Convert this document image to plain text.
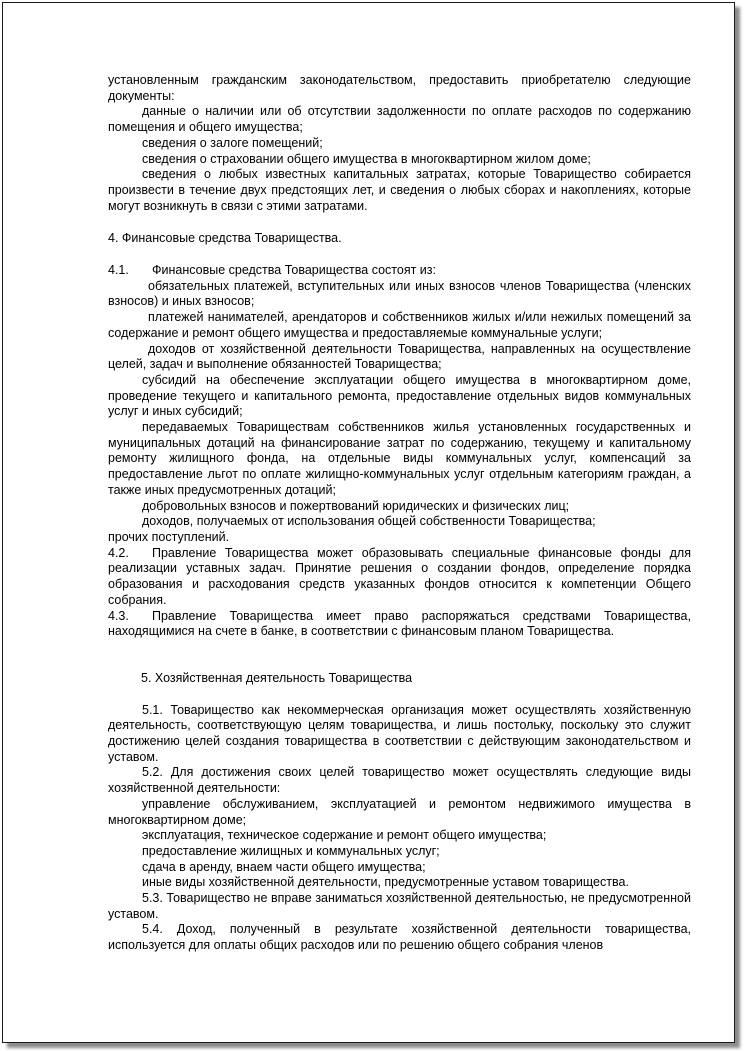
установленным гражданским законодательством, предоставить приобретателю следующие документы:

данные о наличии или об отсутствии задолженности по оплате расходов по содержанию помещения и общего имущества;

сведения о залоге помещений;

сведения о страховании общего имущества в многоквартирном жилом доме;

сведения о любых известных капитальных затратах, которые Товарищество собирается произвести в течение двух предстоящих лет, и сведения о любых сборах и накоплениях, которые могут возникнуть в связи с этими затратами.

4. Финансовые средства Товарищества.

4.1.	Финансовые средства Товарищества состоят из:

обязательных платежей, вступительных или иных взносов членов Товарищества (членских взносов) и иных взносов;

платежей нанимателей, арендаторов и собственников жилых и/или нежилых помещений за содержание и ремонт общего имущества и предоставляемые коммунальные услуги;

доходов от хозяйственной деятельности Товарищества, направленных на осуществление целей, задач и выполнение обязанностей Товарищества;

субсидий на обеспечение эксплуатации общего имущества в многоквартирном доме, проведение текущего и капитального ремонта, предоставление отдельных видов коммунальных услуг и иных субсидий;

передаваемых Товариществам собственников жилья установленных государственных и муниципальных дотаций на финансирование затрат по содержанию, текущему и капитальному ремонту жилищного фонда, на отдельные виды коммунальных услуг, компенсаций за предоставление льгот по оплате жилищно-коммунальных услуг отдельным категориям граждан, а также иных предусмотренных дотаций;

добровольных взносов и пожертвований юридических и физических лиц;

доходов, получаемых от использования общей собственности Товарищества;

прочих поступлений.

4.2. Правление Товарищества может образовывать специальные финансовые фонды для реализации уставных задач. Принятие решения о создании фондов, определение порядка образования и расходования средств указанных фондов относится к компетенции Общего собрания.

4.3. Правление Товарищества имеет право распоряжаться средствами Товарищества, находящимися на счете в банке, в соответствии с финансовым планом Товарищества.

5. Хозяйственная деятельность Товарищества

5.1. Товарищество как некоммерческая организация может осуществлять хозяйственную деятельность, соответствующую целям товарищества, и лишь постольку, поскольку это служит достижению целей создания товарищества в соответствии с действующим законодательством и уставом.

5.2. Для достижения своих целей товарищество может осуществлять следующие виды хозяйственной деятельности:

управление обслуживанием, эксплуатацией и ремонтом недвижимого имущества в многоквартирном доме;

эксплуатация, техническое содержание и ремонт общего имущества;

предоставление жилищных и коммунальных услуг;

сдача в аренду, внаем части общего имущества;

иные виды хозяйственной деятельности, предусмотренные уставом товарищества.

5.3. Товарищество не вправе заниматься хозяйственной деятельностью, не предусмотренной уставом.

5.4. Доход, полученный в результате хозяйственной деятельности товарищества, используется для оплаты общих расходов или по решению общего собрания членов
